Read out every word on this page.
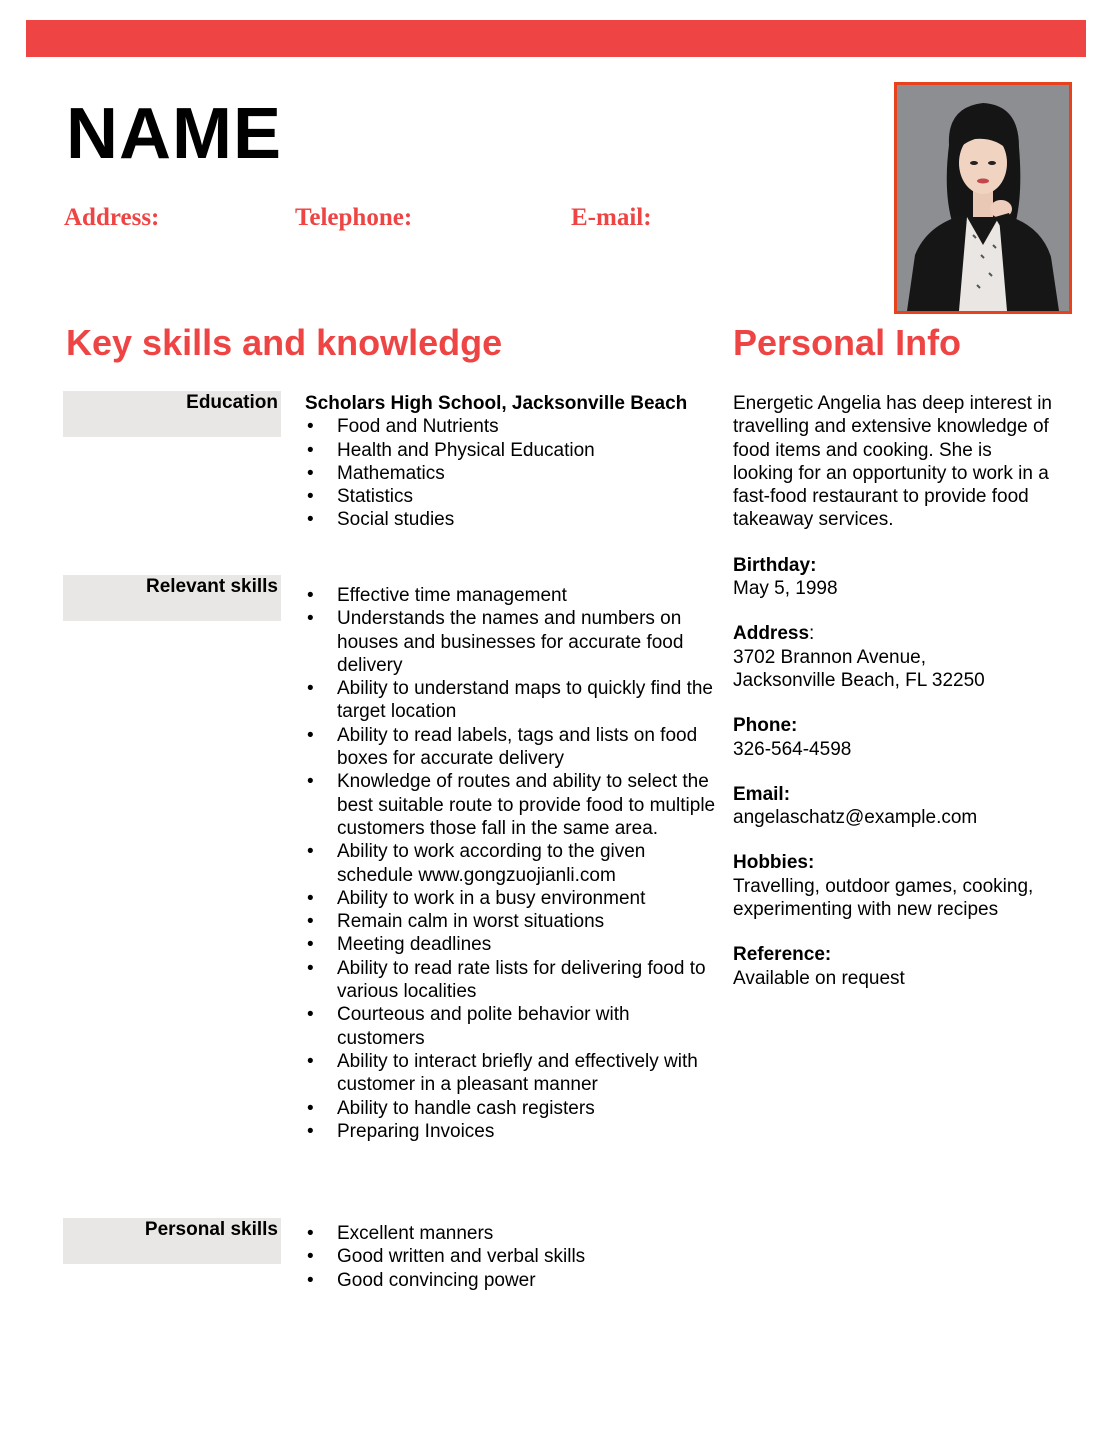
NAME
Address:	Telephone:	E-mail:
Key skills and knowledge	Personal Info
Education Scholars High School, Jacksonville Beach
• Food and Nutrients
• Health and Physical Education
• Mathematics
• Statistics
• Social studies
Relevant skills	• Effective time management
• Understands the names and numbers on houses and businesses for accurate food delivery
• Ability to understand maps to quickly find the target location
• Ability to read labels, tags and lists on food boxes for accurate delivery
• Knowledge of routes and ability to select the best suitable route to provide food to multiple customers those fall in the same area.
• Ability to work according to the given schedule www.gongzuojianli.com
• Ability to work in a busy environment
• Remain calm in worst situations
• Meeting deadlines
• Ability to read rate lists for delivering food to various localities
• Courteous and polite behavior with customers
• Ability to interact briefly and effectively with customer in a pleasant manner
• Ability to handle cash registers
• Preparing Invoices
Personal skills	• Excellent manners
• Good written and verbal skills
• Good convincing power

Energetic Angelia has deep interest in travelling and extensive knowledge of food items and cooking. She is looking for an opportunity to work in a fast-food restaurant to provide food takeaway services.

Birthday:

May 5, 1998

Address:

3702 Brannon Avenue,

Jacksonville Beach, FL 32250

Phone:

326-564-4598

Email:

angelaschatz@example.com

Hobbies:

Travelling, outdoor games, cooking, experimenting with new recipes

Reference:

Available on request
